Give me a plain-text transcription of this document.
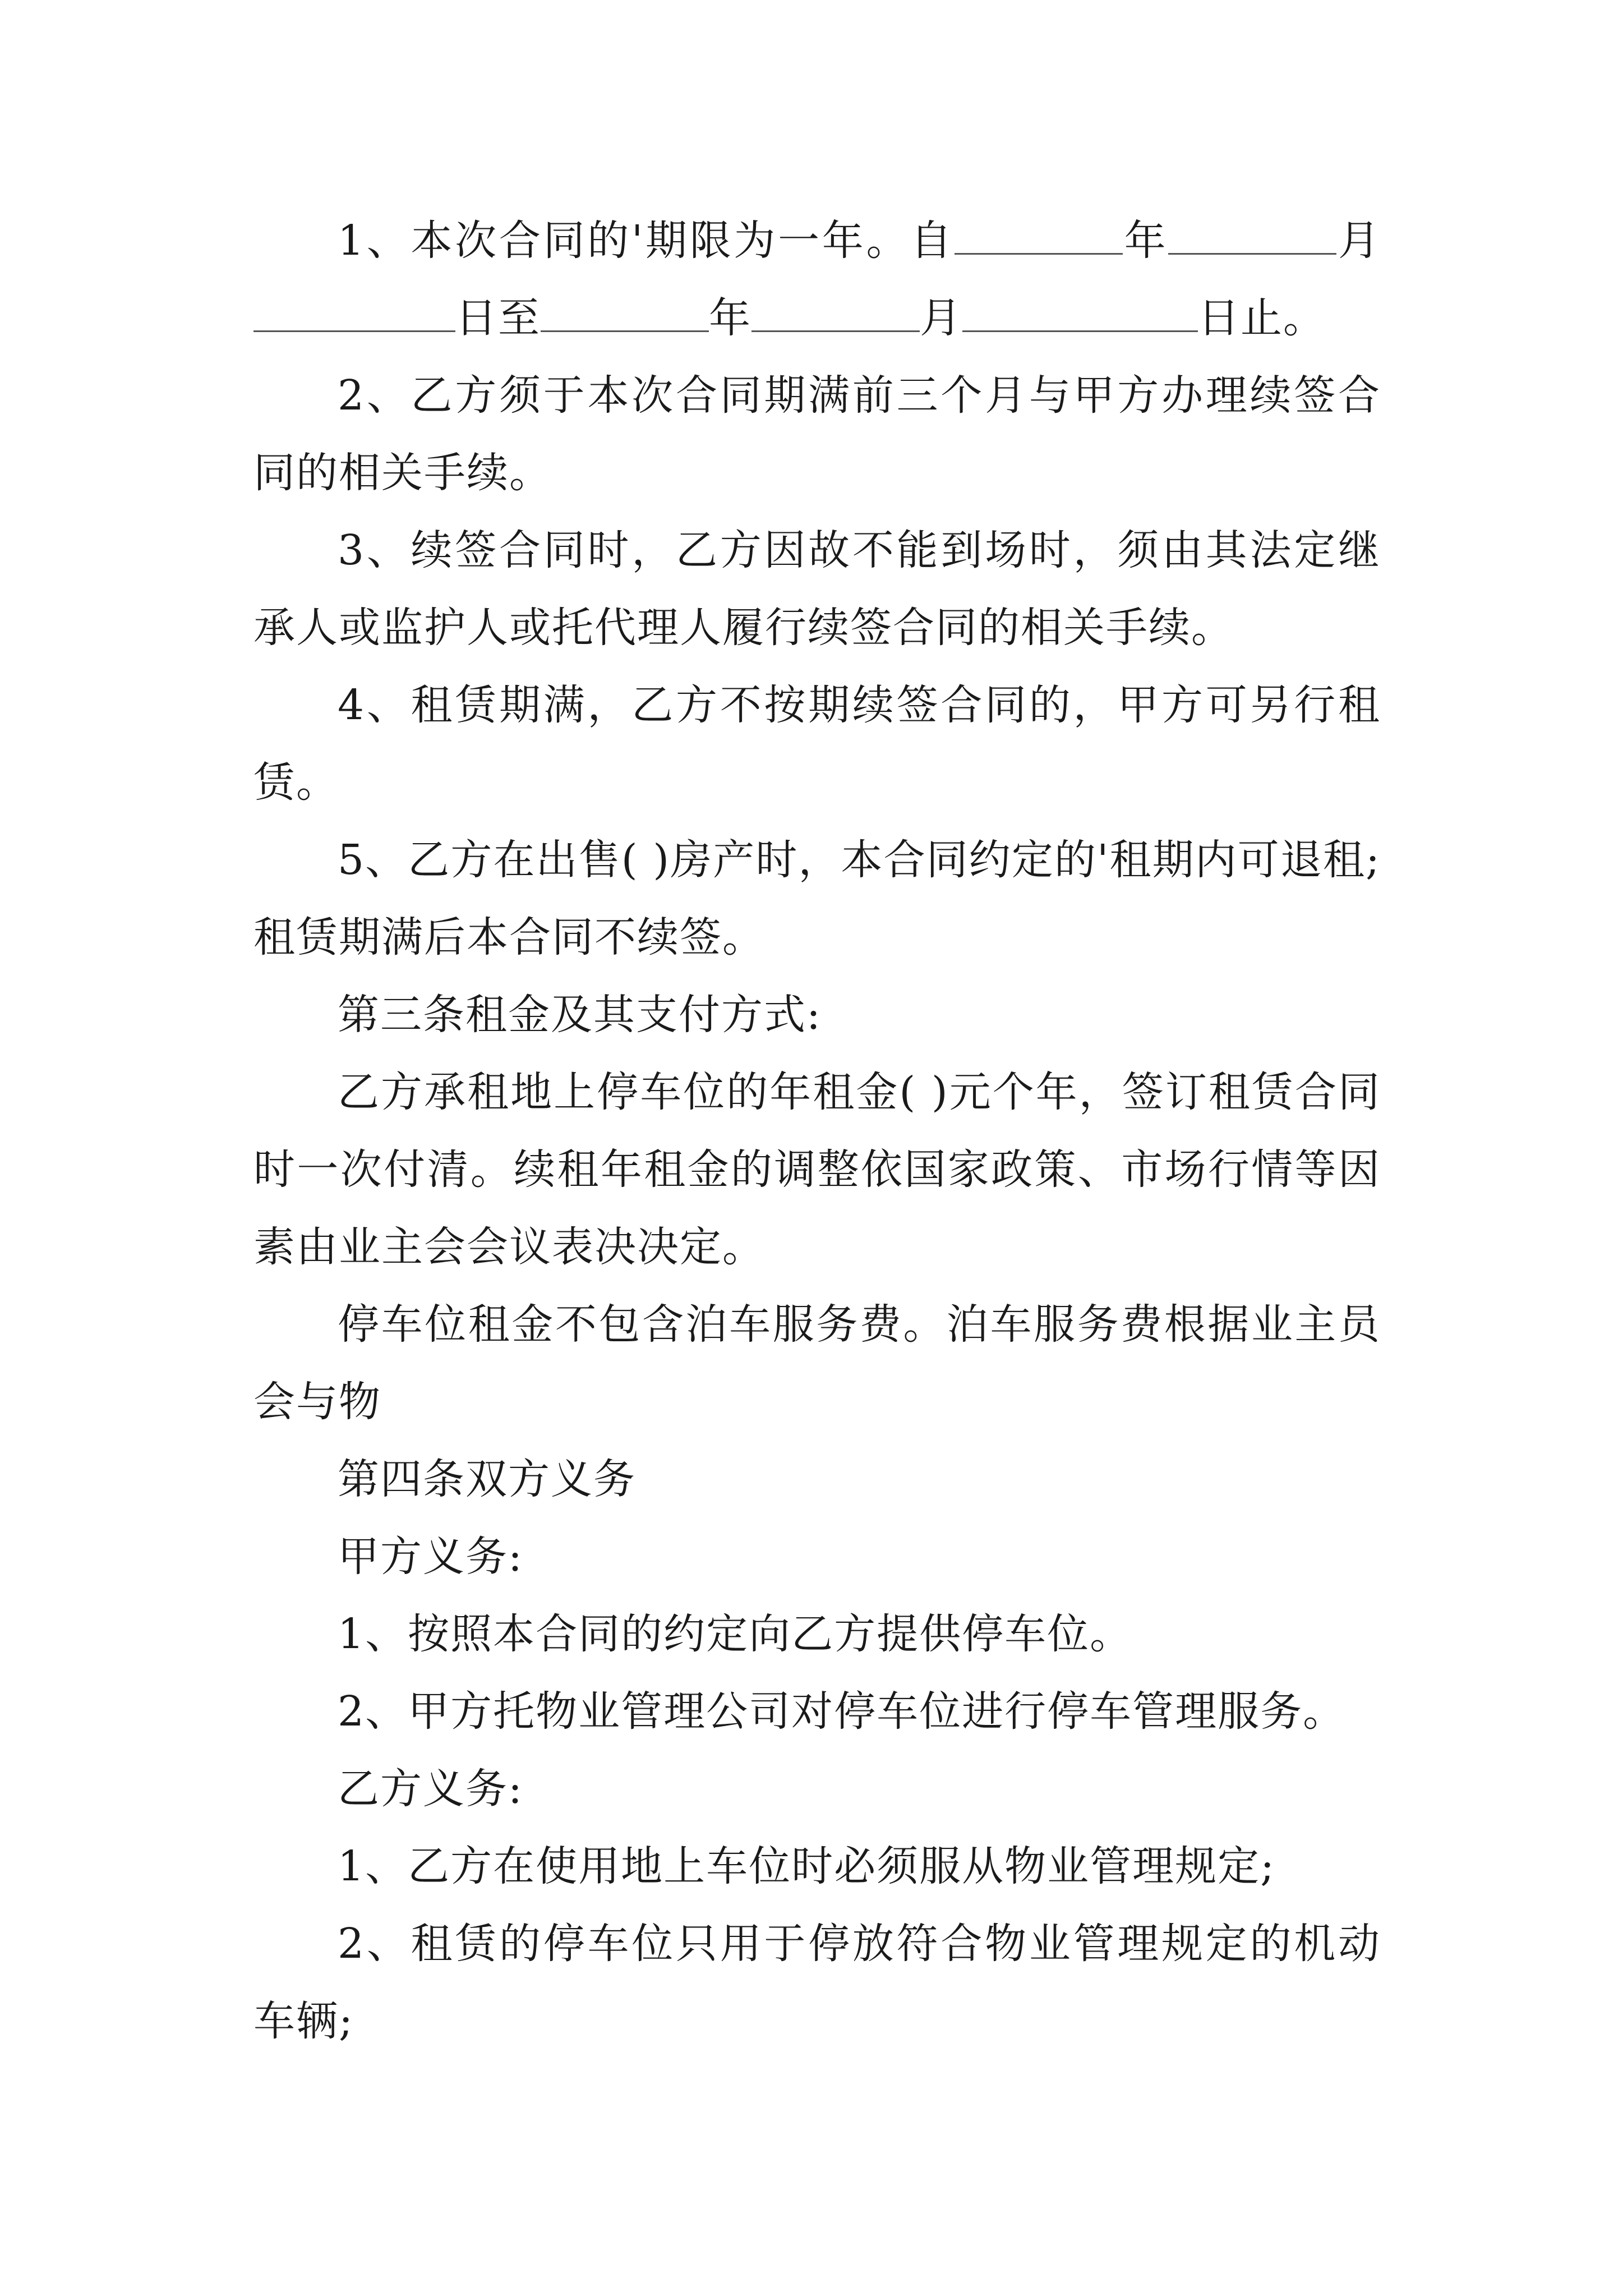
1、本次合同的'期限为一年。自	年	月日至	年	月	日止。

2、乙方须于本次合同期满前三个月与甲方办理续签合同的相关手续。

3、续签合同时，乙方因故不能到场时，须由其法定继承人或监护人或托代理人履行续签合同的相关手续。

4、租赁期满，乙方不按期续签合同的，甲方可另行租赁。

5、乙方在出售( )房产时，本合同约定的'租期内可退租;租赁期满后本合同不续签。

第三条租金及其支付方式:

乙方承租地上停车位的年租金( )元个年，签订租赁合同时一次付清。续租年租金的调整依国家政策、市场行情等因素由业主会会议表决决定。

停车位租金不包含泊车服务费。泊车服务费根据业主员会与物

第四条双方义务

甲方义务:

1、按照本合同的约定向乙方提供停车位。

2、甲方托物业管理公司对停车位进行停车管理服务。

乙方义务:

1、乙方在使用地上车位时必须服从物业管理规定;

2、租赁的停车位只用于停放符合物业管理规定的机动车辆;
